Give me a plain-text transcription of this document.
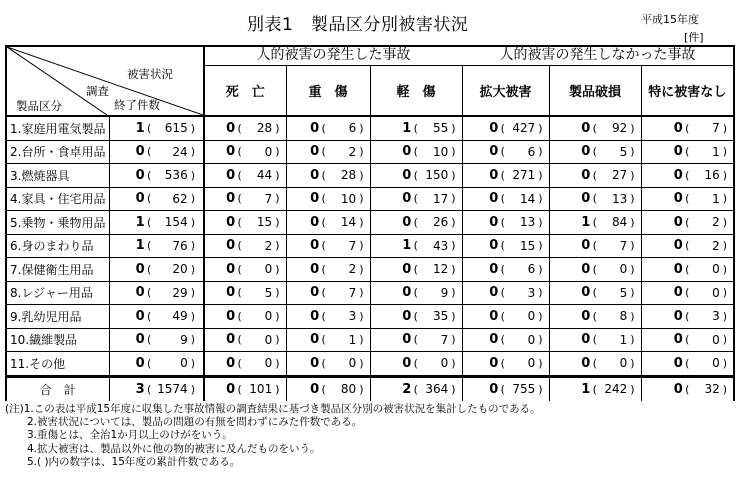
別表1　製品区分別被害状況	平成15年度
[件]
被害状況
調査
終了件数
製品区分		人的被害の発生した事故			人的被害の発生しなかった事故		
		死　亡	重　傷	軽　傷	拡大被害	製品破損	特に被害なし
1.家庭用電気製品	1 ( 615 )	0 ( 28 )	0 ( 6 )	1 ( 55 )	0 ( 427 )	0 ( 92 )	0 ( 7 )

2.台所・食卓用品	0 ( 24 )	0 ( 0 )	0 ( 2 )	0 ( 10 )	0 ( 6 )	0 ( 5 )	0 ( 1 )

3.燃焼器具	0 ( 536 )	0 ( 44 )	0 ( 28 )	0 ( 150 )	0 ( 271 )	0 ( 27 )	0 ( 16 )

4.家具・住宅用品	0 ( 62 )	0 ( 7 )	0 ( 10 )	0 ( 17 )	0 ( 14 )	0 ( 13 )	0 ( 1 )

5.乗物・乗物用品	1 ( 154 )	0 ( 15 )	0 ( 14 )	0 ( 26 )	0 ( 13 )	1 ( 84 )	0 ( 2 )

6.身のまわり品	1 ( 76 )	0 ( 2 )	0 ( 7 )	1 ( 43 )	0 ( 15 )	0 ( 7 )	0 ( 2 )

7.保健衛生用品	0 ( 20 )	0 ( 0 )	0 ( 2 )	0 ( 12 )	0 ( 6 )	0 ( 0 )	0 ( 0 )

8.レジャー用品	0 ( 29 )	0 ( 5 )	0 ( 7 )	0 ( 9 )	0 ( 3 )	0 ( 5 )	0 ( 0 )

9.乳幼児用品	0 ( 49 )	0 ( 0 )	0 ( 3 )	0 ( 35 )	0 ( 0 )	0 ( 8 )	0 ( 3 )

10.繊維製品	0 ( 9 )	0 ( 0 )	0 ( 1 )	0 ( 7 )	0 ( 0 )	0 ( 1 )	0 ( 0 )

11.その他	0 ( 0 )	0 ( 0 )	0 ( 0 )	0 ( 0 )	0 ( 0 )	0 ( 0 )	0 ( 0 )

合　計	3 ( 1574 )	0 ( 101 )	0 ( 80 )	2 ( 364 )	0 ( 755 )	1 ( 242 )	0 ( 32 )
(注)1.この表は平成15年度に収集した事故情報の調査結果に基づき製品区分別の被害状況を集計したものである。
2.被害状況については、製品の問題の有無を問わずにみた件数である。
3.重傷とは、全治1か月以上のけがをいう。
4.拡大被害は、製品以外に他の物的被害に及んだものをいう。
5.( )内の数字は、15年度の累計件数である。
